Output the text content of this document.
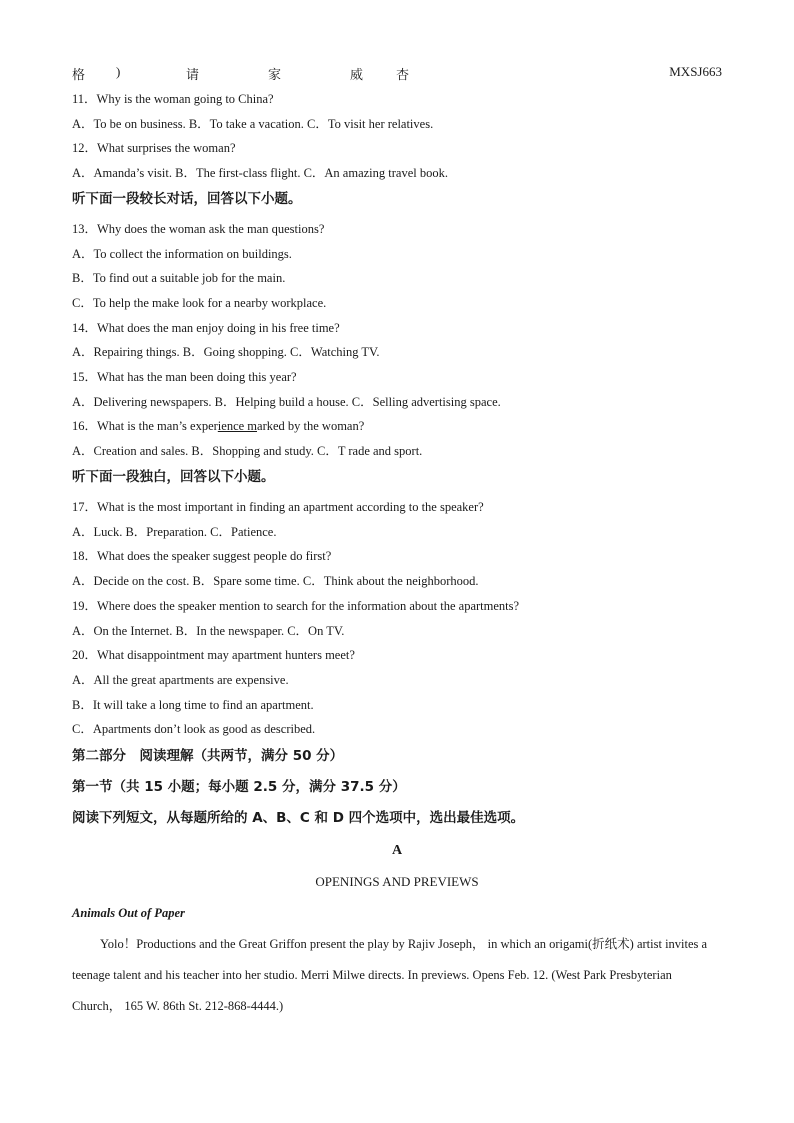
格 )	请	家	威	杏	MXSJ663
11．Why is the woman going to China?
A．To be on business. B．To take a vacation. C．To visit her relatives.
12．What surprises the woman?
A．Amanda’s visit. B．The first-class flight. C．An amazing travel book.
听下面一段较长对话，回答以下小题。
13．Why does the woman ask the man questions?
A．To collect the information on buildings.
B．To find out a suitable job for the main.
C．To help the make look for a nearby workplace.
14．What does the man enjoy doing in his free time?
A．Repairing things. B．Going shopping. C．Watching TV.
15．What has the man been doing this year?
A．Delivering newspapers. B．Helping build a house. C．Selling advertising space.
16．What is the man’s experience marked by the woman?
A．Creation and sales. B．Shopping and study. C．T rade and sport.
听下面一段独白，回答以下小题。
17．What is the most important in finding an apartment according to the speaker?
A．Luck. B．Preparation. C．Patience.
18．What does the speaker suggest people do first?
A．Decide on the cost. B．Spare some time. C．Think about the neighborhood.
19．Where does the speaker mention to search for the information about the apartments?
A．On the Internet. B．In the newspaper. C．On TV.
20．What disappointment may apartment hunters meet?
A．All the great apartments are expensive.
B．It will take a long time to find an apartment.
C．Apartments don’t look as good as described.
第二部分　阅读理解（共两节，满分 50 分）
第一节（共 15 小题；每小题 2.5 分，满分 37.5 分）
阅读下列短文，从每题所给的 A、B、C 和 D 四个选项中，选出最佳选项。
A
OPENINGS AND PREVIEWS
Animals Out of Paper

Yolo！Productions and the Great Griffon present the play by Rajiv Joseph， in which an origami(折纸术) artist invites a teenage talent and his teacher into her studio. Merri Milwe directs. In previews. Opens Feb. 12. (West Park Presbyterian Church， 165 W. 86th St. 212-868-4444.)
